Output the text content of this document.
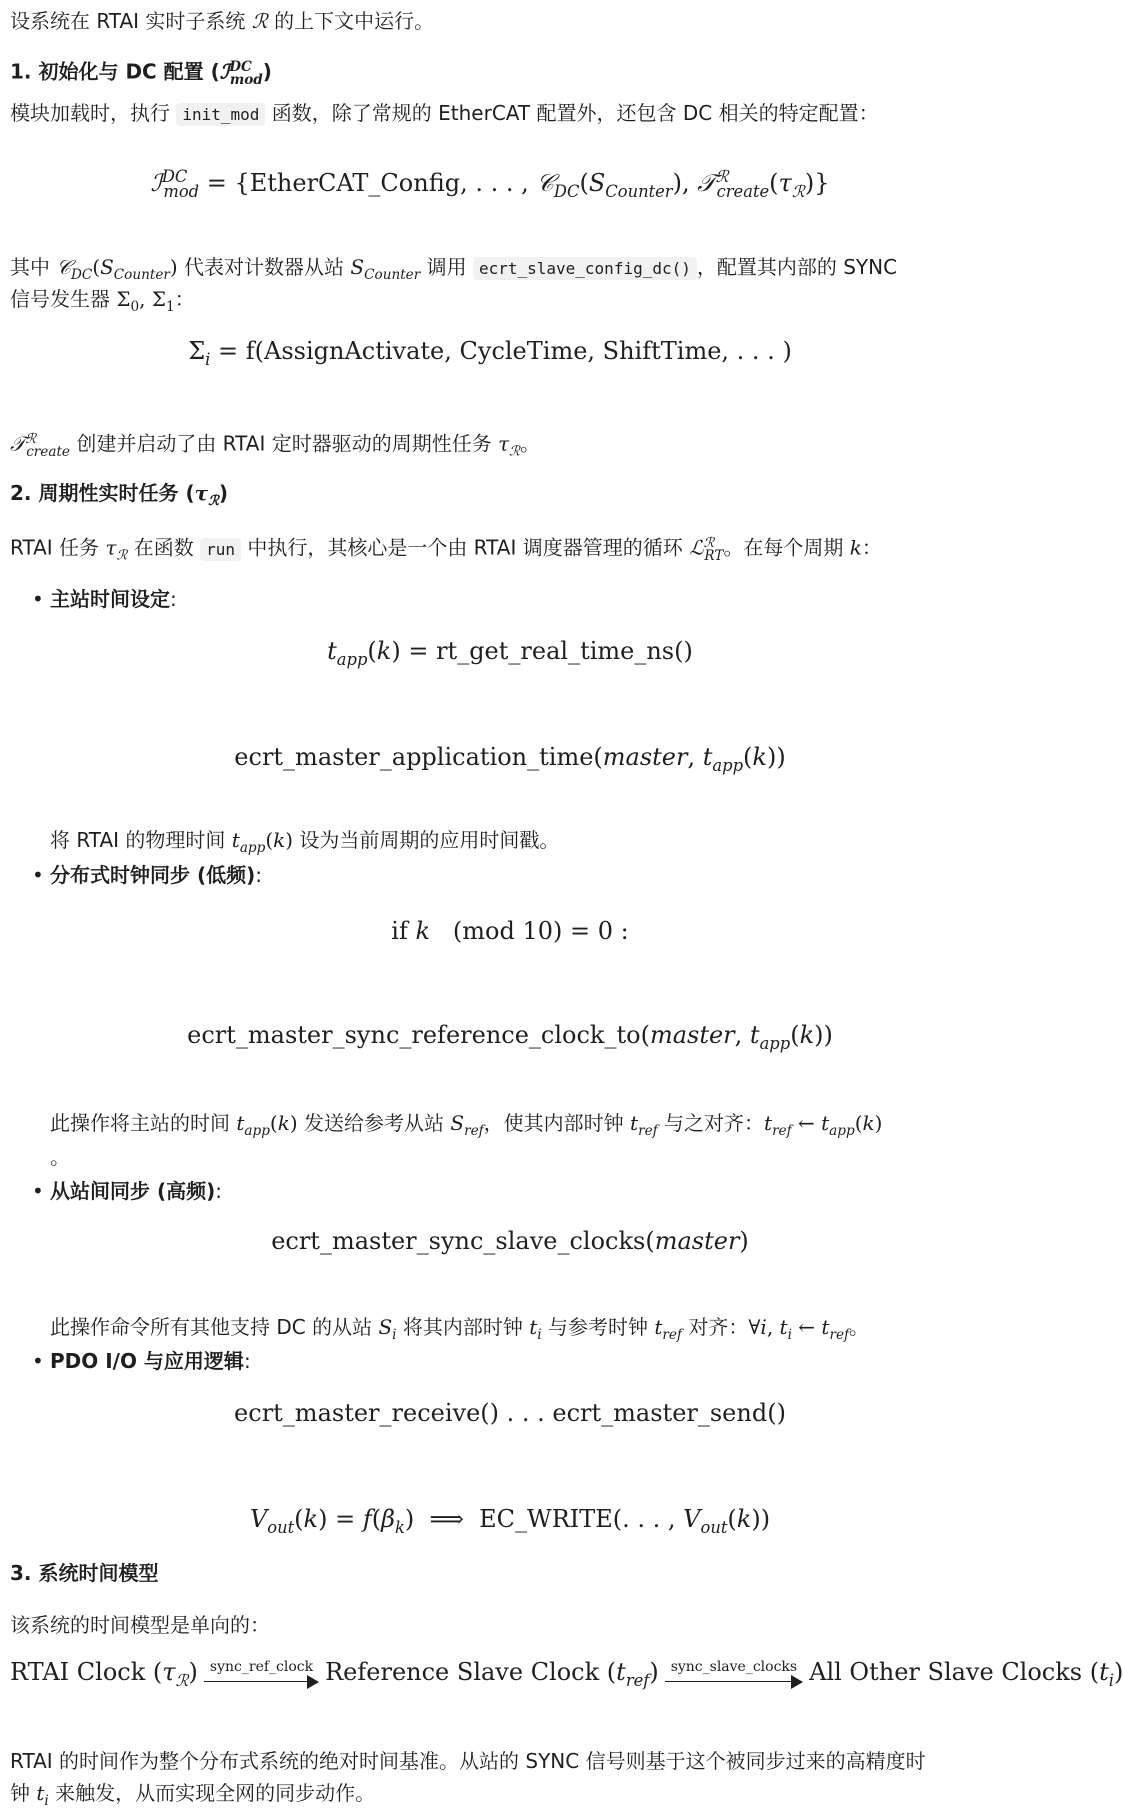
设系统在 RTAI 实时子系统 ℛ 的上下文中运行。

1. 初始化与 DC 配置 (ℐ$^{DC}_{mod}$)

模块加载时，执行 init_mod 函数，除了常规的 EtherCAT 配置外，还包含 DC 相关的特定配置：

ℐ$^{DC}_{mod}$ = {EtherCAT_Config, . . . , $𝒞_{DC}(S_{Counter})$, $𝒯^ℛ_{create}(\tau_ℛ)$}

其中 $𝒞_{DC}(S_{Counter})$ 代表对计数器从站 $S_{Counter}$ 调用 ecrt_slave_config_dc() ，配置其内部的 SYNC

信号发生器 $\Sigma_0$, $\Sigma_1$：

$\Sigma_i$ = f(AssignActivate, CycleTime, ShiftTime, . . . )

𝒯$^ℛ_{create}$ 创建并启动了由 RTAI 定时器驱动的周期性任务 $\tau_ℛ$。

2. 周期性实时任务 $(\tau_ℛ)$

RTAI 任务 $\tau_ℛ$ 在函数 run 中执行，其核心是一个由 RTAI 调度器管理的循环 ℒ$^ℛ_{RT}$。在每个周期 k：

• 主站时间设定:

$t_{app}(k)$ = rt_get_real_time_ns()
ecrt_master_application_time(master, $t_{app}(k)$)

将 RTAI 的物理时间 $t_{app}(k)$ 设为当前周期的应用时间戳。

• 分布式时钟同步 (低频):

if k   (mod 10) = 0 :
ecrt_master_sync_reference_clock_to(master, $t_{app}(k)$)

此操作将主站的时间 $t_{app}(k)$ 发送给参考从站 $S_{ref}$，使其内部时钟 $t_{ref}$ 与之对齐：$t_{ref}$ ← $t_{app}(k)$

。

• 从站间同步 (高频):

ecrt_master_sync_slave_clocks(master)

此操作命令所有其他支持 DC 的从站 $S_i$ 将其内部时钟 $t_i$ 与参考时钟 $t_{ref}$ 对齐：∀i, $t_i$ ← $t_{ref}$。

• PDO I/O 与应用逻辑:

ecrt_master_receive() . . . ecrt_master_send()
$V_{out}(k) = f(\beta_k)$  ⟹  EC_WRITE(. . . , $V_{out}(k)$)
3. 系统时间模型

该系统的时间模型是单向的：

RTAI Clock $(\tau_ℛ)$ sync_ref_clock Reference Slave Clock $(t_{ref})$ sync_slave_clocks All Other Slave Clocks $(t_i)$

RTAI 的时间作为整个分布式系统的绝对时间基准。从站的 SYNC 信号则基于这个被同步过来的高精度时

钟 $t_i$ 来触发，从而实现全网的同步动作。
